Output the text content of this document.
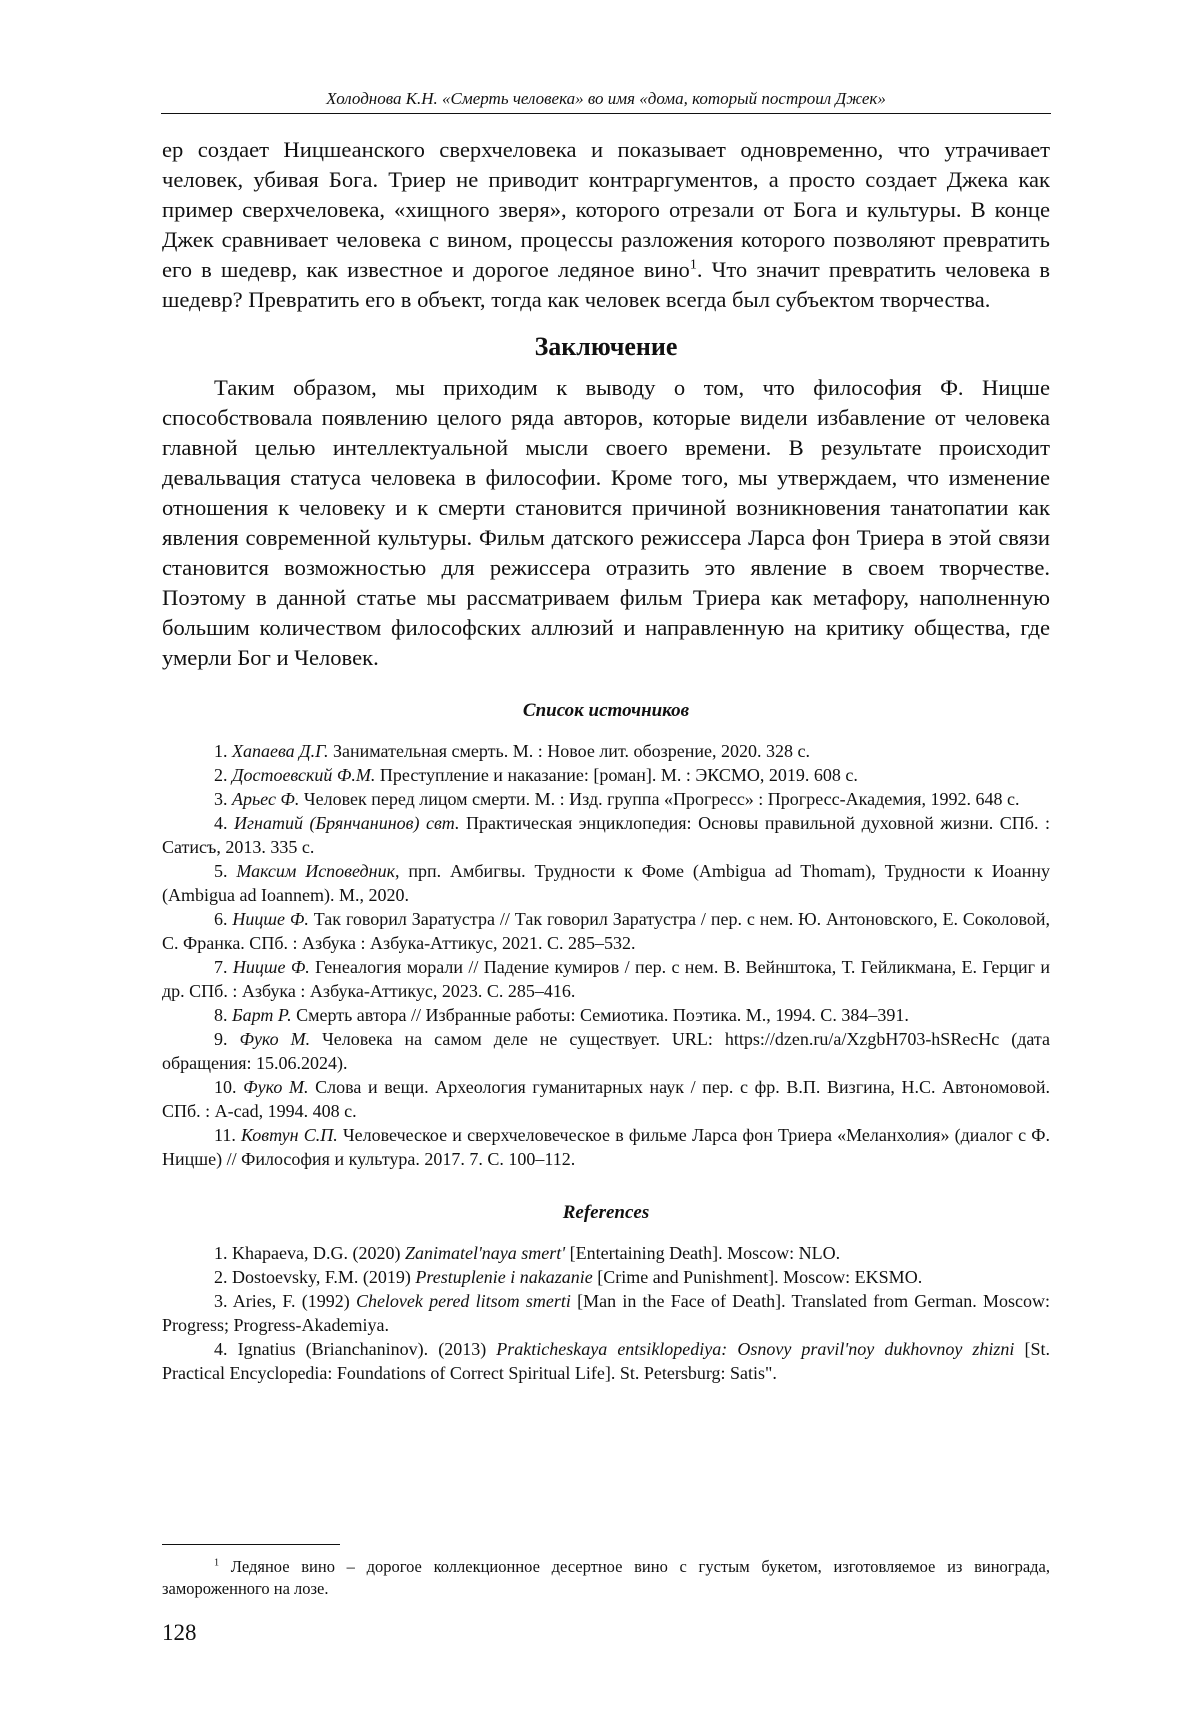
Холоднова К.Н. «Смерть человека» во имя «дома, который построил Джек»

ер создает Ницшеанского сверхчеловека и показывает одновременно, что утрачивает человек, убивая Бога. Триер не приводит контраргументов, а просто создает Джека как пример сверхчеловека, «хищного зверя», которого отрезали от Бога и культуры. В конце Джек сравнивает человека с вином, процессы разложения которого позволяют превратить его в шедевр, как известное и дорогое ледяное вино$^1$. Что значит превратить человека в шедевр? Превратить его в объект, тогда как человек всегда был субъектом творчества.

Заключение

Таким образом, мы приходим к выводу о том, что философия Ф. Ницше способствовала появлению целого ряда авторов, которые видели избавление от человека главной целью интеллектуальной мысли своего времени. В результате происходит девальвация статуса человека в философии. Кроме того, мы утверждаем, что изменение отношения к человеку и к смерти становится причиной возникновения танатопатии как явления современной культуры. Фильм датского режиссера Ларса фон Триера в этой связи становится возможностью для режиссера отразить это явление в своем творчестве. Поэтому в данной статье мы рассматриваем фильм Триера как метафору, наполненную большим количеством философских аллюзий и направленную на критику общества, где умерли Бог и Человек.

Список источников

1. Хапаева Д.Г. Занимательная смерть. М. : Новое лит. обозрение, 2020. 328 с.

2. Достоевский Ф.М. Преступление и наказание: [роман]. М. : ЭКСМО, 2019. 608 с.

3. Арьес Ф. Человек перед лицом смерти. М. : Изд. группа «Прогресс» : Прогресс-Академия, 1992. 648 с.

4. Игнатий (Брянчанинов) свт. Практическая энциклопедия: Основы правильной духовной жизни. СПб. : Сатисъ, 2013. 335 с.

5. Максим Исповедник, прп. Амбигвы. Трудности к Фоме (Ambigua ad Thomam), Трудности к Иоанну (Ambigua ad Ioannem). М., 2020.

6. Ницше Ф. Так говорил Заратустра // Так говорил Заратустра / пер. с нем. Ю. Антоновского, Е. Соколовой, С. Франка. СПб. : Азбука : Азбука-Аттикус, 2021. С. 285–532.

7. Ницше Ф. Генеалогия морали // Падение кумиров / пер. с нем. В. Вейнштока, Т. Гейликмана, Е. Герциг и др. СПб. : Азбука : Азбука-Аттикус, 2023. С. 285–416.

8. Барт Р. Смерть автора // Избранные работы: Семиотика. Поэтика. М., 1994. С. 384–391.

9. Фуко М. Человека на самом деле не существует. URL: https://dzen.ru/a/XzgbH703-hSRecHc (дата обращения: 15.06.2024).

10. Фуко М. Слова и вещи. Археология гуманитарных наук / пер. с фр. В.П. Визгина, Н.С. Автономовой. СПб. : A-cad, 1994. 408 с.

11. Ковтун С.П. Человеческое и сверхчеловеческое в фильме Ларса фон Триера «Меланхолия» (диалог с Ф. Ницше) // Философия и культура. 2017. 7. С. 100–112.

References

1. Khapaeva, D.G. (2020) Zanimatel'naya smert' [Entertaining Death]. Moscow: NLO.

2. Dostoevsky, F.M. (2019) Prestuplenie i nakazanie [Crime and Punishment]. Moscow: EKSMO.

3. Aries, F. (1992) Chelovek pered litsom smerti [Man in the Face of Death]. Translated from German. Moscow: Progress; Progress-Akademiya.

4. Ignatius (Brianchaninov). (2013) Prakticheskaya entsiklopediya: Osnovy pravil'noy dukhovnoy zhizni [St. Practical Encyclopedia: Foundations of Correct Spiritual Life]. St. Petersburg: Satis".

$^1$ Ледяное вино – дорогое коллекционное десертное вино с густым букетом, изготовляемое из винограда, замороженного на лозе.

128
